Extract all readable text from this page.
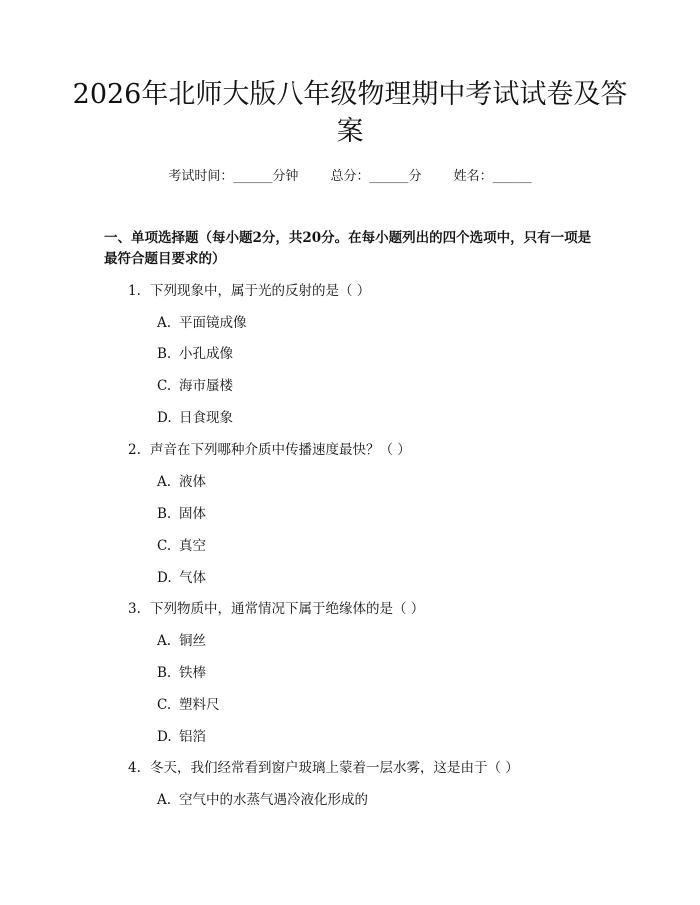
2026年北师大版八年级物理期中考试试卷及答案
考试时间：______分钟 总分：______分 姓名：______

一、单项选择题（每小题2分，共20分。在每小题列出的四个选项中，只有一项是最符合题目要求的）

1. 下列现象中，属于光的反射的是（ ）
A. 平面镜成像
B. 小孔成像
C. 海市蜃楼
D. 日食现象
2. 声音在下列哪种介质中传播速度最快？（ ）
A. 液体
B. 固体
C. 真空
D. 气体
3. 下列物质中，通常情况下属于绝缘体的是（ ）
A. 铜丝
B. 铁棒
C. 塑料尺
D. 铝箔
4. 冬天，我们经常看到窗户玻璃上蒙着一层水雾，这是由于（ ）
A. 空气中的水蒸气遇冷液化形成的
